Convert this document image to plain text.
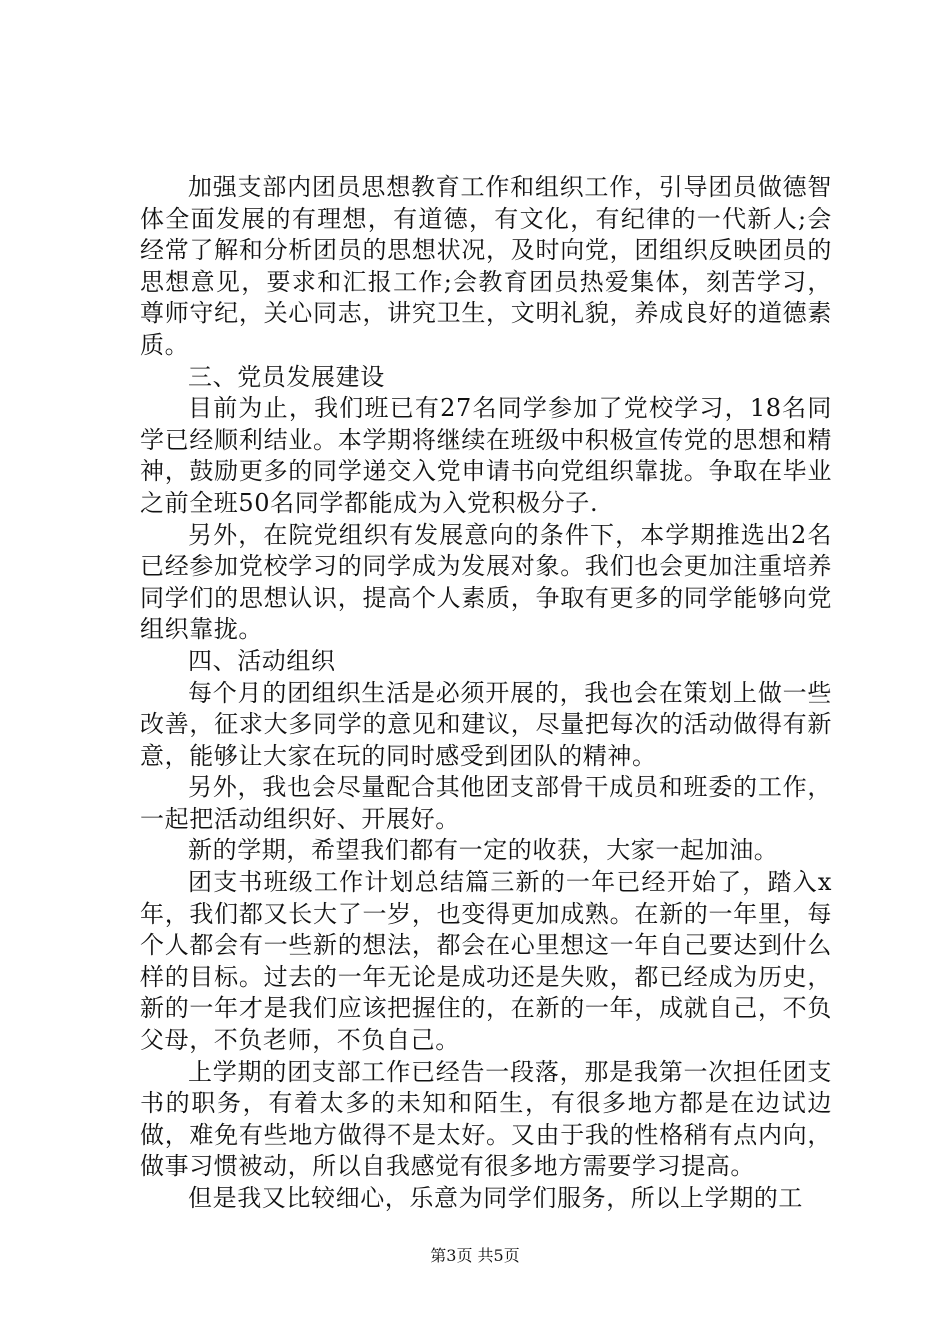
加强支部内团员思想教育工作和组织工作，引导团员做德智体全面发展的有理想，有道德，有文化，有纪律的一代新人;会经常了解和分析团员的思想状况，及时向党，团组织反映团员的思想意见，要求和汇报工作;会教育团员热爱集体，刻苦学习，尊师守纪，关心同志，讲究卫生，文明礼貌，养成良好的道德素质。

三、党员发展建设

目前为止，我们班已有27名同学参加了党校学习，18名同学已经顺利结业。本学期将继续在班级中积极宣传党的思想和精神，鼓励更多的同学递交入党申请书向党组织靠拢。争取在毕业之前全班50名同学都能成为入党积极分子.

另外，在院党组织有发展意向的条件下，本学期推选出2名已经参加党校学习的同学成为发展对象。我们也会更加注重培养同学们的思想认识，提高个人素质，争取有更多的同学能够向党组织靠拢。

四、活动组织

每个月的团组织生活是必须开展的，我也会在策划上做一些改善，征求大多同学的意见和建议，尽量把每次的活动做得有新意，能够让大家在玩的同时感受到团队的精神。

另外，我也会尽量配合其他团支部骨干成员和班委的工作，一起把活动组织好、开展好。

新的学期，希望我们都有一定的收获，大家一起加油。

团支书班级工作计划总结篇三新的一年已经开始了，踏入x年，我们都又长大了一岁，也变得更加成熟。在新的一年里，每个人都会有一些新的想法，都会在心里想这一年自己要达到什么样的目标。过去的一年无论是成功还是失败，都已经成为历史，新的一年才是我们应该把握住的，在新的一年，成就自己，不负父母，不负老师，不负自己。

上学期的团支部工作已经告一段落，那是我第一次担任团支书的职务，有着太多的未知和陌生，有很多地方都是在边试边做，难免有些地方做得不是太好。又由于我的性格稍有点内向，做事习惯被动，所以自我感觉有很多地方需要学习提高。

但是我又比较细心，乐意为同学们服务，所以上学期的工

第3页 共5页
